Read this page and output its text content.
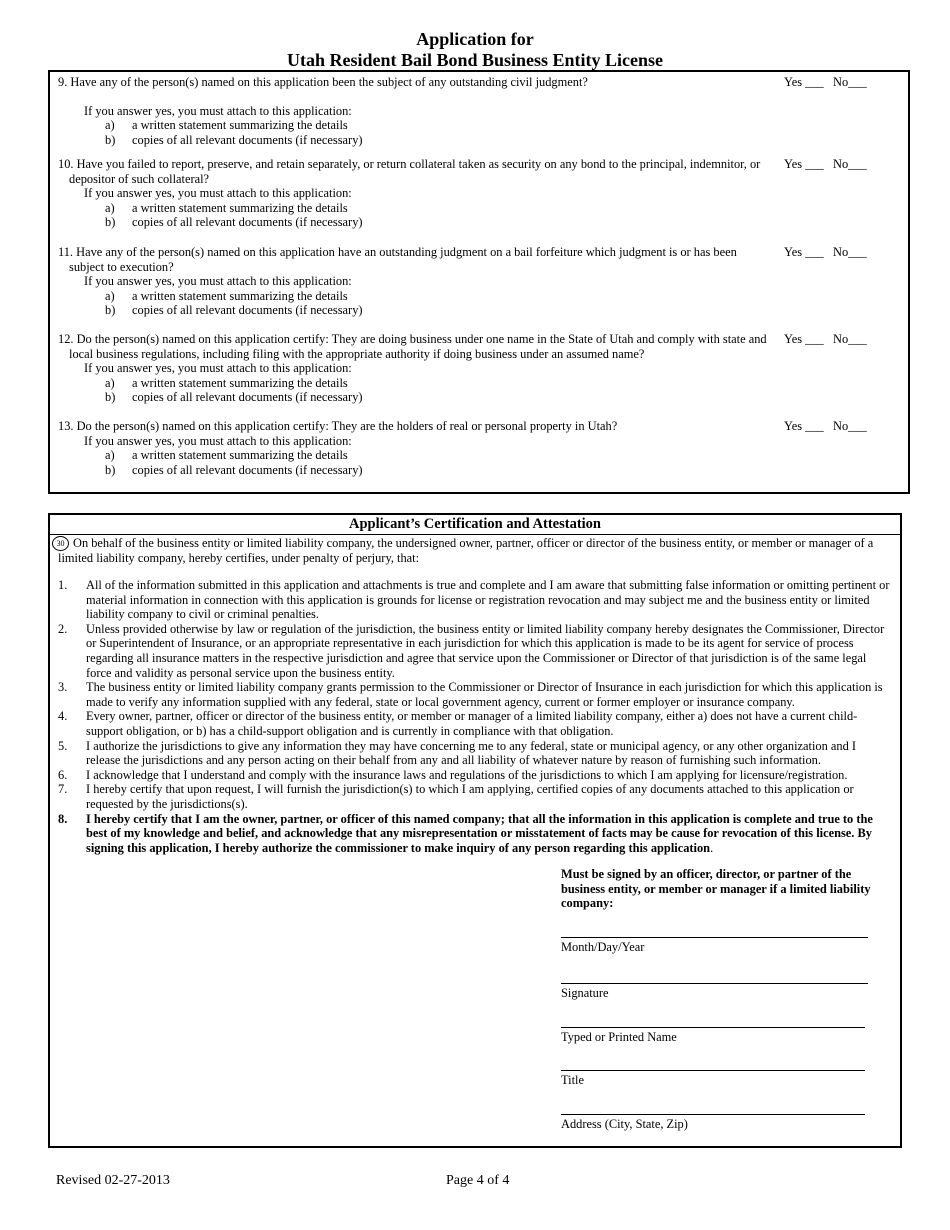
Application for
Utah Resident Bail Bond Business Entity License
9. Have any of the person(s) named on this application been the subject of any outstanding civil judgment?
If you answer yes, you must attach to this application:
a) a written statement summarizing the details
b) copies of all relevant documents (if necessary)
Yes ___ No___
10. Have you failed to report, preserve, and retain separately, or return collateral taken as security on any bond to the principal, indemnitor, or depositor of such collateral?
If you answer yes, you must attach to this application:
a) a written statement summarizing the details
b) copies of all relevant documents (if necessary)
Yes ___ No___
11. Have any of the person(s) named on this application have an outstanding judgment on a bail forfeiture which judgment is or has been subject to execution?
If you answer yes, you must attach to this application:
a) a written statement summarizing the details
b) copies of all relevant documents (if necessary)
Yes ___ No___
12. Do the person(s) named on this application certify: They are doing business under one name in the State of Utah and comply with state and local business regulations, including filing with the appropriate authority if doing business under an assumed name?
If you answer yes, you must attach to this application:
a) a written statement summarizing the details
b) copies of all relevant documents (if necessary)
Yes ___ No___
13. Do the person(s) named on this application certify: They are the holders of real or personal property in Utah?
If you answer yes, you must attach to this application:
a) a written statement summarizing the details
b) copies of all relevant documents (if necessary)
Yes ___ No___
Applicant’s Certification and Attestation
30 On behalf of the business entity or limited liability company, the undersigned owner, partner, officer or director of the business entity, or member or manager of a limited liability company, hereby certifies, under penalty of perjury, that:
1. All of the information submitted in this application and attachments is true and complete and I am aware that submitting false information or omitting pertinent or material information in connection with this application is grounds for license or registration revocation and may subject me and the business entity or limited liability company to civil or criminal penalties.
2. Unless provided otherwise by law or regulation of the jurisdiction, the business entity or limited liability company hereby designates the Commissioner, Director or Superintendent of Insurance, or an appropriate representative in each jurisdiction for which this application is made to be its agent for service of process regarding all insurance matters in the respective jurisdiction and agree that service upon the Commissioner or Director of that jurisdiction is of the same legal force and validity as personal service upon the business entity.
3. The business entity or limited liability company grants permission to the Commissioner or Director of Insurance in each jurisdiction for which this application is made to verify any information supplied with any federal, state or local government agency, current or former employer or insurance company.
4. Every owner, partner, officer or director of the business entity, or member or manager of a limited liability company, either a) does not have a current child-support obligation, or b) has a child-support obligation and is currently in compliance with that obligation.
5. I authorize the jurisdictions to give any information they may have concerning me to any federal, state or municipal agency, or any other organization and I release the jurisdictions and any person acting on their behalf from any and all liability of whatever nature by reason of furnishing such information.
6. I acknowledge that I understand and comply with the insurance laws and regulations of the jurisdictions to which I am applying for licensure/registration.
7. I hereby certify that upon request, I will furnish the jurisdiction(s) to which I am applying, certified copies of any documents attached to this application or requested by the jurisdictions(s).
8. I hereby certify that I am the owner, partner, or officer of this named company; that all the information in this application is complete and true to the best of my knowledge and belief, and acknowledge that any misrepresentation or misstatement of facts may be cause for revocation of this license. By signing this application, I hereby authorize the commissioner to make inquiry of any person regarding this application.
Must be signed by an officer, director, or partner of the business entity, or member or manager if a limited liability company:
Month/Day/Year
Signature
Typed or Printed Name
Title
Address (City, State, Zip)
Revised 02-27-2013	Page 4 of 4
